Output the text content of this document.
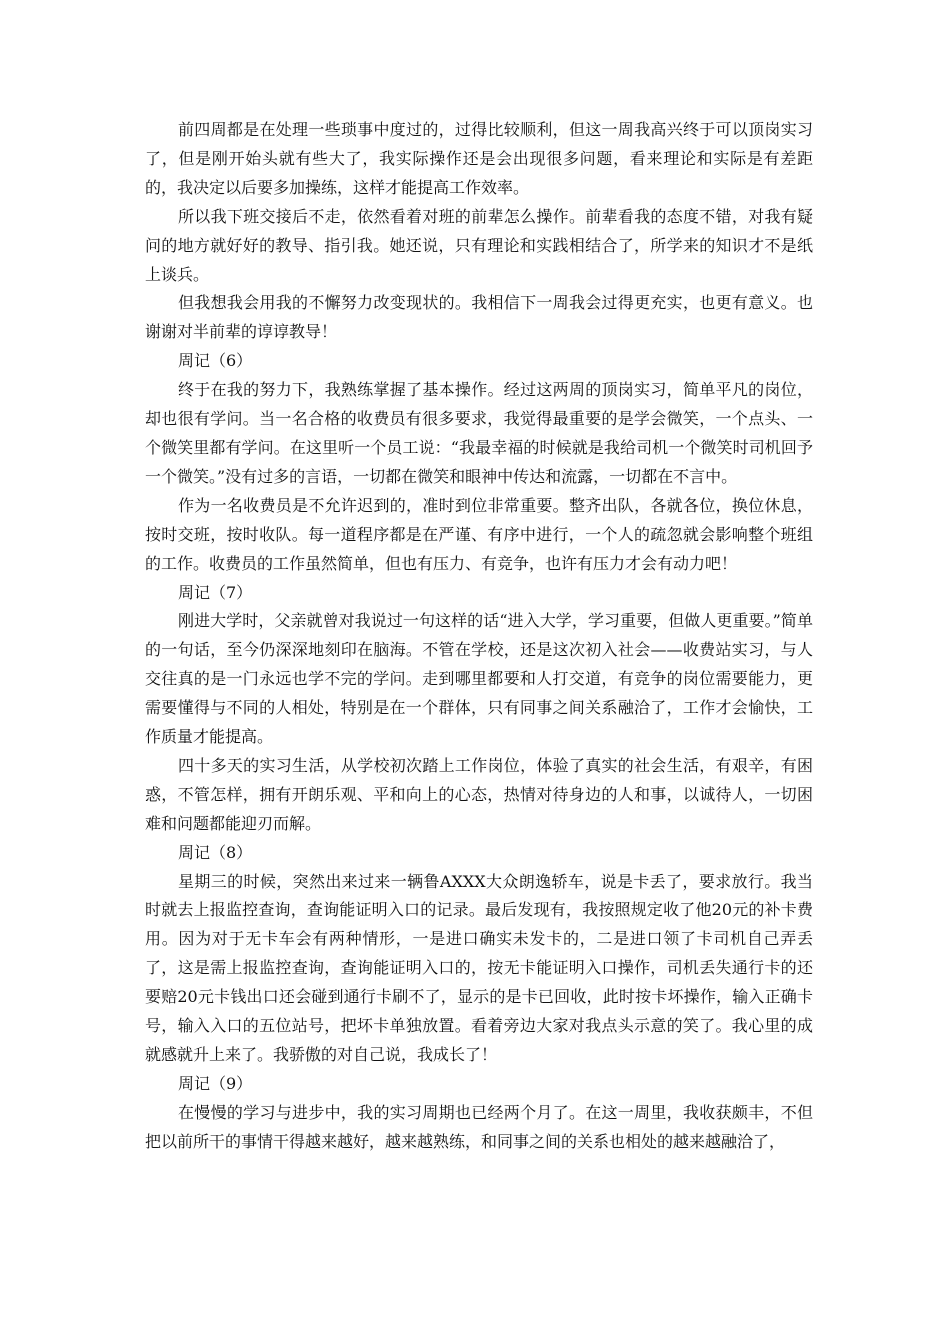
前四周都是在处理一些琐事中度过的，过得比较顺利，但这一周我高兴终于可以顶岗实习了，但是刚开始头就有些大了，我实际操作还是会出现很多问题，看来理论和实际是有差距的，我决定以后要多加操练，这样才能提高工作效率。

所以我下班交接后不走，依然看着对班的前辈怎么操作。前辈看我的态度不错，对我有疑问的地方就好好的教导、指引我。她还说，只有理论和实践相结合了，所学来的知识才不是纸上谈兵。

但我想我会用我的不懈努力改变现状的。我相信下一周我会过得更充实，也更有意义。也谢谢对半前辈的谆谆教导！

周记（6）

终于在我的努力下，我熟练掌握了基本操作。经过这两周的顶岗实习，简单平凡的岗位，却也很有学问。当一名合格的收费员有很多要求，我觉得最重要的是学会微笑，一个点头、一个微笑里都有学问。在这里听一个员工说：“我最幸福的时候就是我给司机一个微笑时司机回予一个微笑。”没有过多的言语，一切都在微笑和眼神中传达和流露，一切都在不言中。

作为一名收费员是不允许迟到的，准时到位非常重要。整齐出队，各就各位，换位休息，按时交班，按时收队。每一道程序都是在严谨、有序中进行，一个人的疏忽就会影响整个班组的工作。收费员的工作虽然简单，但也有压力、有竞争，也许有压力才会有动力吧！

周记（7）

刚进大学时，父亲就曾对我说过一句这样的话“进入大学，学习重要，但做人更重要。”简单的一句话，至今仍深深地刻印在脑海。不管在学校，还是这次初入社会——收费站实习，与人交往真的是一门永远也学不完的学问。走到哪里都要和人打交道，有竞争的岗位需要能力，更需要懂得与不同的人相处，特别是在一个群体，只有同事之间关系融洽了，工作才会愉快，工作质量才能提高。

四十多天的实习生活，从学校初次踏上工作岗位，体验了真实的社会生活，有艰辛，有困惑，不管怎样，拥有开朗乐观、平和向上的心态，热情对待身边的人和事，以诚待人，一切困难和问题都能迎刃而解。

周记（8）

星期三的时候，突然出来过来一辆鲁AXXX大众朗逸轿车，说是卡丢了，要求放行。我当时就去上报监控查询，查询能证明入口的记录。最后发现有，我按照规定收了他20元的补卡费用。因为对于无卡车会有两种情形，一是进口确实未发卡的，二是进口领了卡司机自己弄丢了，这是需上报监控查询，查询能证明入口的，按无卡能证明入口操作，司机丢失通行卡的还要赔20元卡钱出口还会碰到通行卡刷不了，显示的是卡已回收，此时按卡坏操作，输入正确卡号，输入入口的五位站号，把坏卡单独放置。看着旁边大家对我点头示意的笑了。我心里的成就感就升上来了。我骄傲的对自己说，我成长了！

周记（9）

在慢慢的学习与进步中，我的实习周期也已经两个月了。在这一周里，我收获颇丰，不但把以前所干的事情干得越来越好，越来越熟练，和同事之间的关系也相处的越来越融洽了，
